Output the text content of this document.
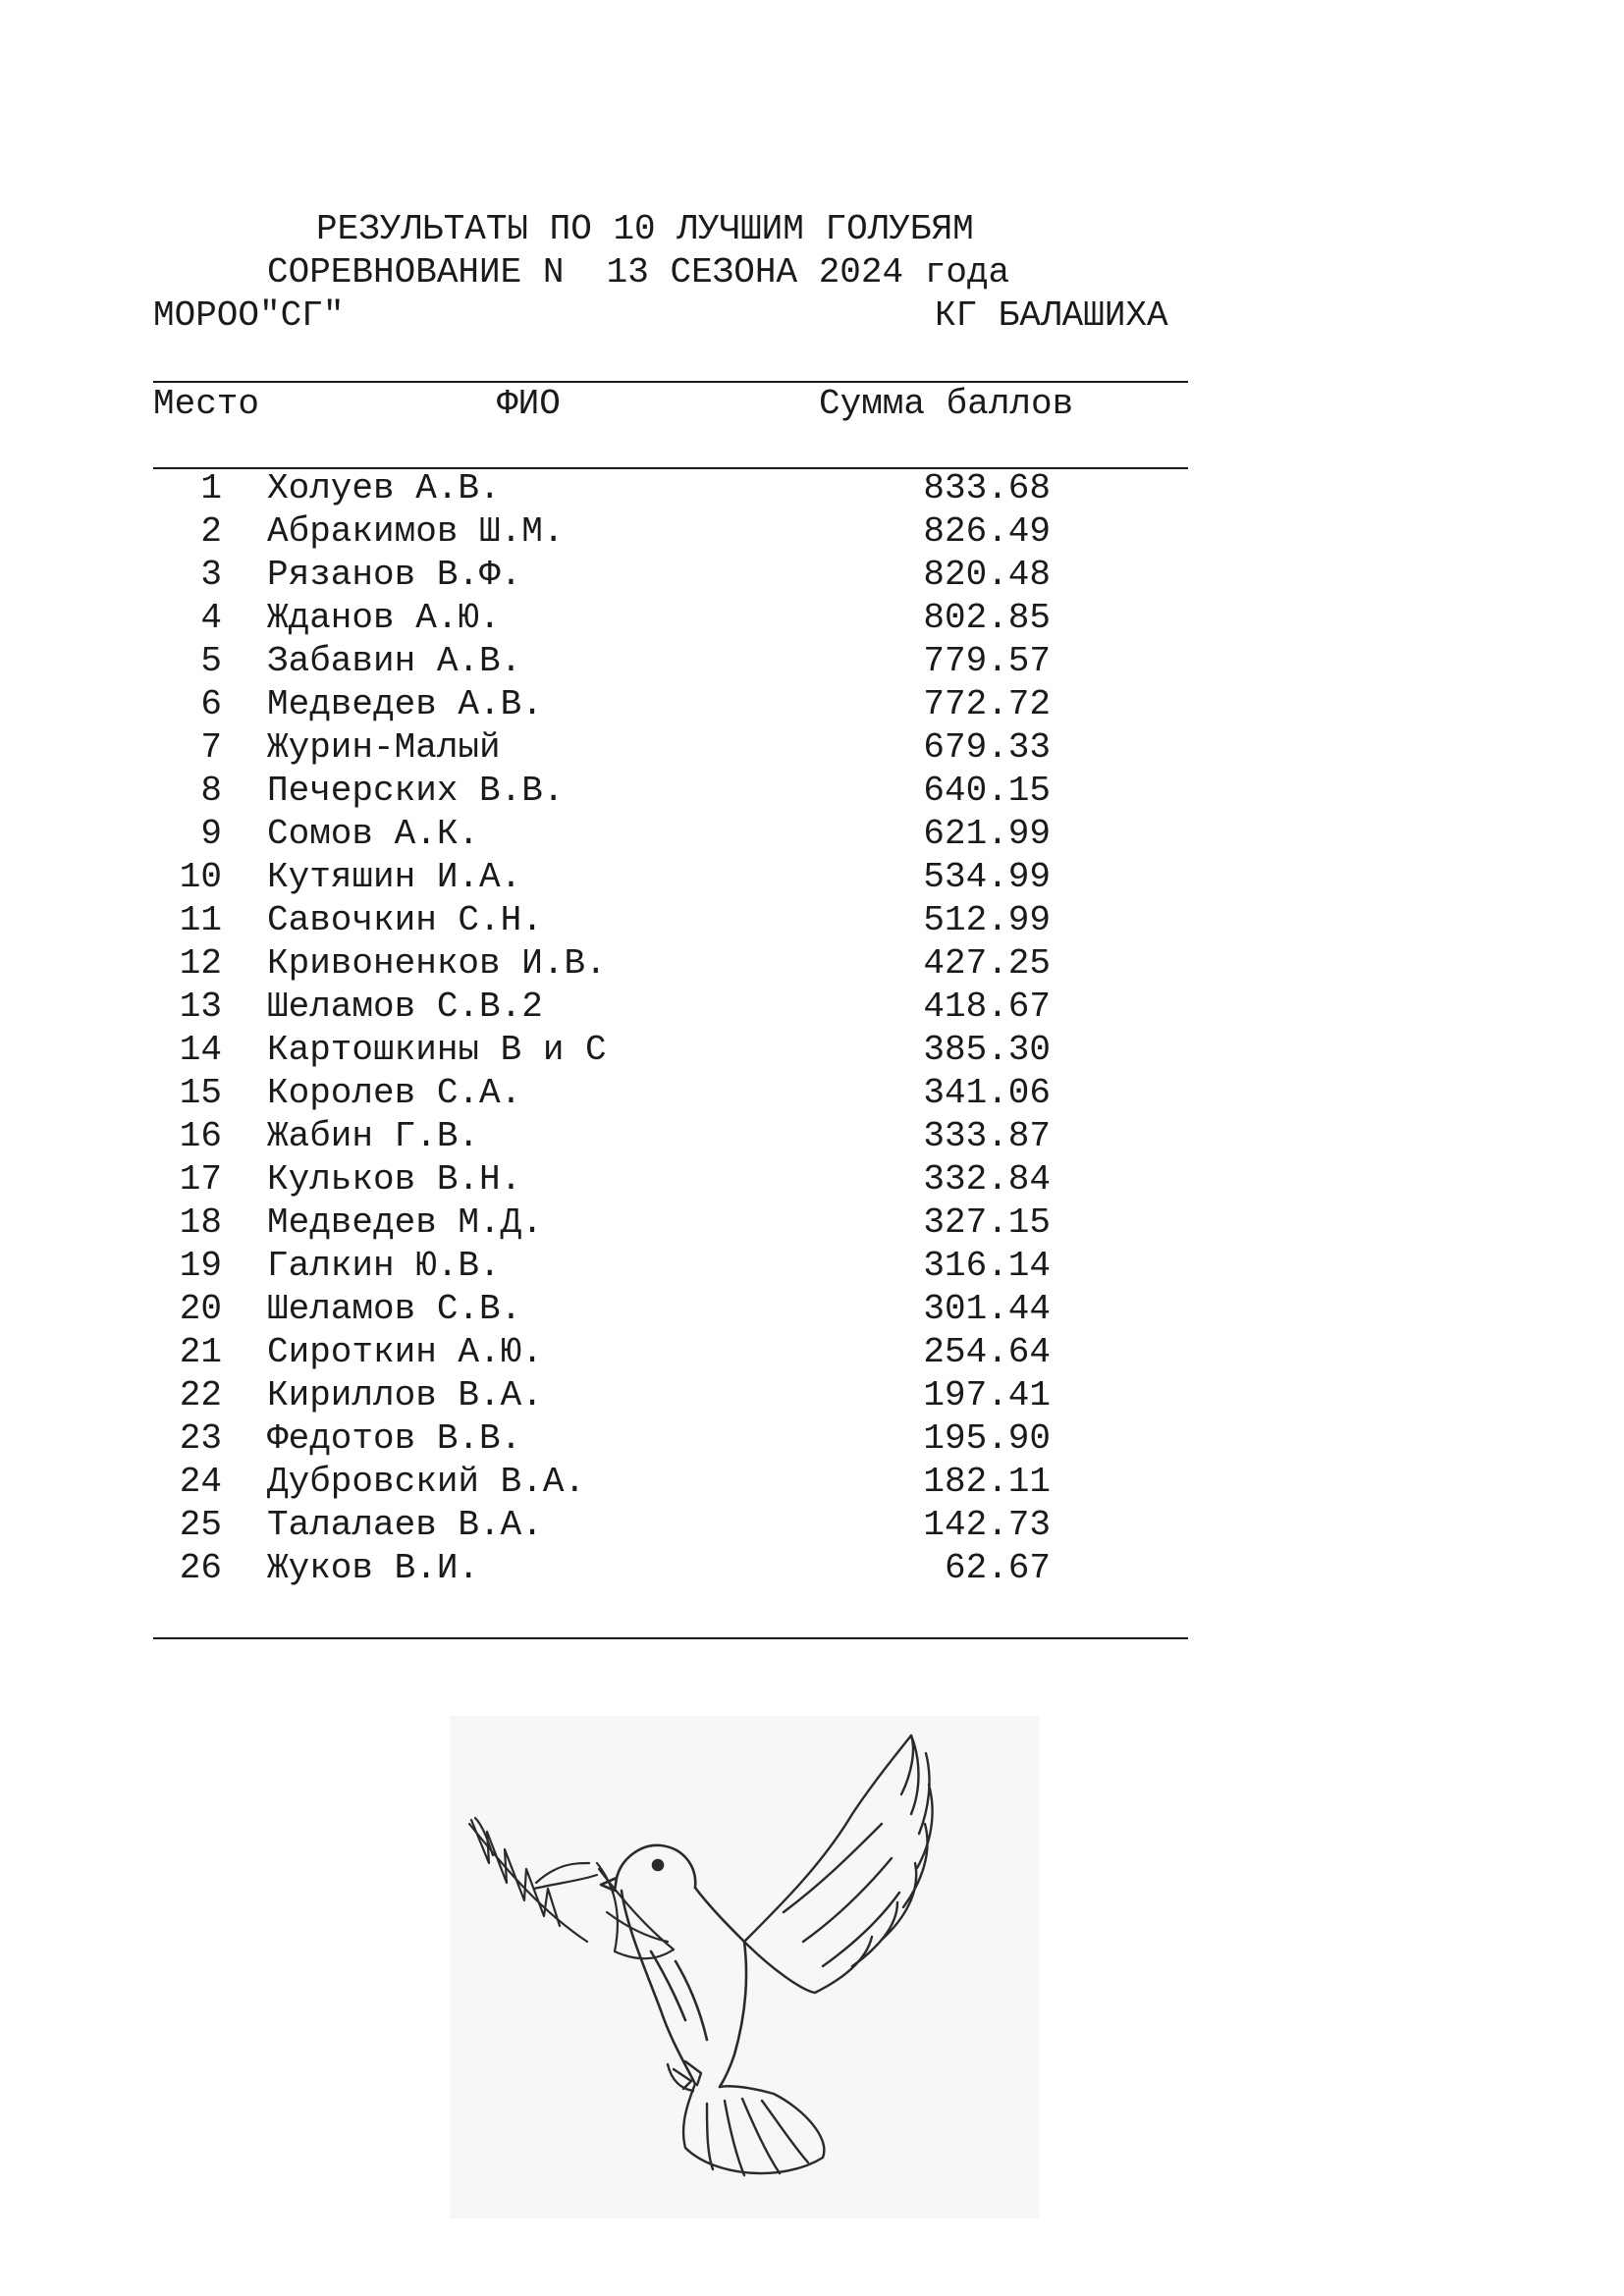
РЕЗУЛЬТАТЫ ПО 10 ЛУЧШИМ ГОЛУБЯМ
СОРЕВНОВАНИЕ N  13 СЕЗОНА 2024 года
МОРОО"СГ"	КГ БАЛАШИХА
Место	ФИО	Сумма баллов
1 Холуев А.В.	833.68
2 Абракимов Ш.М.	826.49
3 Рязанов В.Ф.	820.48
4 Жданов А.Ю.	802.85
5 Забавин А.В.	779.57
6 Медведев А.В.	772.72
7 Журин-Малый	679.33
8 Печерских В.В.	640.15
9 Сомов А.К.	621.99
10 Кутяшин И.А.	534.99
11 Савочкин С.Н.	512.99
12 Кривоненков И.В.	427.25
13 Шеламов С.В.2	418.67
14 Картошкины В и С	385.30
15 Королев С.А.	341.06
16 Жабин Г.В.	333.87
17 Кульков В.Н.	332.84
18 Медведев М.Д.	327.15
19 Галкин Ю.В.	316.14
20 Шеламов С.В.	301.44
21 Сироткин А.Ю.	254.64
22 Кириллов В.А.	197.41
23 Федотов В.В.	195.90
24 Дубровский В.А.	182.11
25 Талалаев В.А.	142.73
26 Жуков В.И.	62.67
